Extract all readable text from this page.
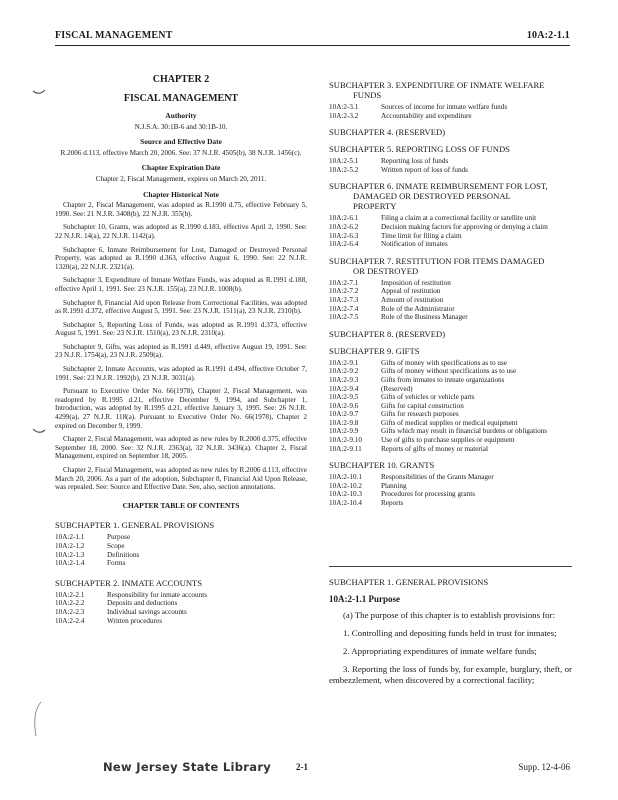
FISCAL MANAGEMENT	10A:2-1.1
CHAPTER 2
FISCAL MANAGEMENT
Authority
N.J.S.A. 30:1B-6 and 30:1B-10.
Source and Effective Date
R.2006 d.113, effective March 20, 2006. See: 37 N.J.R. 4505(b), 38 N.J.R. 1456(c).
Chapter Expiration Date
Chapter 2, Fiscal Management, expires on March 20, 2011.
Chapter Historical Note

Chapter 2, Fiscal Management, was adopted as R.1990 d.75, effective February 5, 1990. See: 21 N.J.R. 3408(b), 22 N.J.R. 355(b).

Subchapter 10, Grants, was adopted as R.1990 d.183, effective April 2, 1990. See: 22 N.J.R. 14(a), 22 N.J.R. 1142(a).

Subchapter 6, Inmate Reimbursement for Lost, Damaged or Destroyed Personal Property, was adopted as R.1990 d.363, effective August 6, 1990. See: 22 N.J.R. 1320(a), 22 N.J.R. 2321(a).

Subchapter 3, Expenditure of Inmate Welfare Funds, was adopted as R.1991 d.188, effective April 1, 1991. See: 23 N.J.R. 155(a), 23 N.J.R. 1008(b).

Subchapter 8, Financial Aid upon Release from Correctional Facilities, was adopted as R.1991 d.372, effective August 5, 1991. See: 23 N.J.R. 1511(a), 23 N.J.R. 2310(b).

Subchapter 5, Reporting Loss of Funds, was adopted as R.1991 d.373, effective August 5, 1991. See: 23 N.J.R. 1510(a), 23 N.J.R. 2310(a).

Subchapter 9, Gifts, was adopted as R.1991 d.449, effective August 19, 1991. See: 23 N.J.R. 1754(a), 23 N.J.R. 2509(a).

Subchapter 2, Inmate Accounts, was adopted as R.1991 d.494, effective October 7, 1991. See: 23 N.J.R. 1992(b), 23 N.J.R. 3031(a).

Pursuant to Executive Order No. 66(1978), Chapter 2, Fiscal Management, was readopted by R.1995 d.21, effective December 9, 1994, and Subchapter 1, Introduction, was adopted by R.1995 d.21, effective January 3, 1995. See: 26 N.J.R. 4299(a), 27 N.J.R. 118(a). Pursuant to Executive Order No. 66(1978), Chapter 2 expired on December 9, 1999.

Chapter 2, Fiscal Management, was adopted as new rules by R.2000 d.375, effective September 18, 2000. See: 32 N.J.R. 2363(a), 32 N.J.R. 3436(a). Chapter 2, Fiscal Management, expired on September 18, 2005.

Chapter 2, Fiscal Management, was adopted as new rules by R.2006 d.113, effective March 20, 2006. As a part of the adoption, Subchapter 8, Financial Aid Upon Release, was repealed. See: Source and Effective Date. See, also, section annotations.

CHAPTER TABLE OF CONTENTS
SUBCHAPTER 1. GENERAL PROVISIONS
10A:2-1.1	Purpose
10A:2-1.2	Scope
10A:2-1.3	Definitions
10A:2-1.4	Forms
SUBCHAPTER 2. INMATE ACCOUNTS
10A:2-2.1	Responsibility for inmate accounts
10A:2-2.2	Deposits and deductions
10A:2-2.3	Individual savings accounts
10A:2-2.4	Written procedures
SUBCHAPTER 3. EXPENDITURE OF INMATE WELFARE
FUNDS
10A:2-3.1	Sources of income for inmate welfare funds
10A:2-3.2	Accountability and expenditure
SUBCHAPTER 4. (RESERVED)
SUBCHAPTER 5. REPORTING LOSS OF FUNDS
10A:2-5.1	Reporting loss of funds
10A:2-5.2	Written report of loss of funds
SUBCHAPTER 6. INMATE REIMBURSEMENT FOR LOST,
DAMAGED OR DESTROYED PERSONAL
PROPERTY
10A:2-6.1	Filing a claim at a correctional facility or satellite unit
10A:2-6.2	Decision making factors for approving or denying a claim
10A:2-6.3	Time limit for filing a claim
10A:2-6.4	Notification of inmates
SUBCHAPTER 7. RESTITUTION FOR ITEMS DAMAGED
OR DESTROYED
10A:2-7.1	Imposition of restitution
10A:2-7.2	Appeal of restitution
10A:2-7.3	Amount of restitution
10A:2-7.4	Role of the Administrator
10A:2-7.5	Role of the Business Manager
SUBCHAPTER 8. (RESERVED)
SUBCHAPTER 9. GIFTS
10A:2-9.1	Gifts of money with specifications as to use
10A:2-9.2	Gifts of money without specifications as to use
10A:2-9.3	Gifts from inmates to inmate organizations
10A:2-9.4	(Reserved)
10A:2-9.5	Gifts of vehicles or vehicle parts
10A:2-9.6	Gifts for capital construction
10A:2-9.7	Gifts for research purposes
10A:2-9.8	Gifts of medical supplies or medical equipment
10A:2-9.9	Gifts which may result in financial burdens or obligations
10A:2-9.10	Use of gifts to purchase supplies or equipment
10A:2-9.11	Reports of gifts of money or material
SUBCHAPTER 10. GRANTS
10A:2-10.1	Responsibilities of the Grants Manager
10A:2-10.2	Planning
10A:2-10.3	Procedures for processing grants
10A:2-10.4	Reports
SUBCHAPTER 1. GENERAL PROVISIONS
10A:2-1.1 Purpose

(a) The purpose of this chapter is to establish provisions for:

1. Controlling and depositing funds held in trust for inmates;

2. Appropriating expenditures of inmate welfare funds;

3. Reporting the loss of funds by, for example, burglary, theft, or embezzlement, when discovered by a correctional facility;

New Jersey State Library	2-1	Supp. 12-4-06
